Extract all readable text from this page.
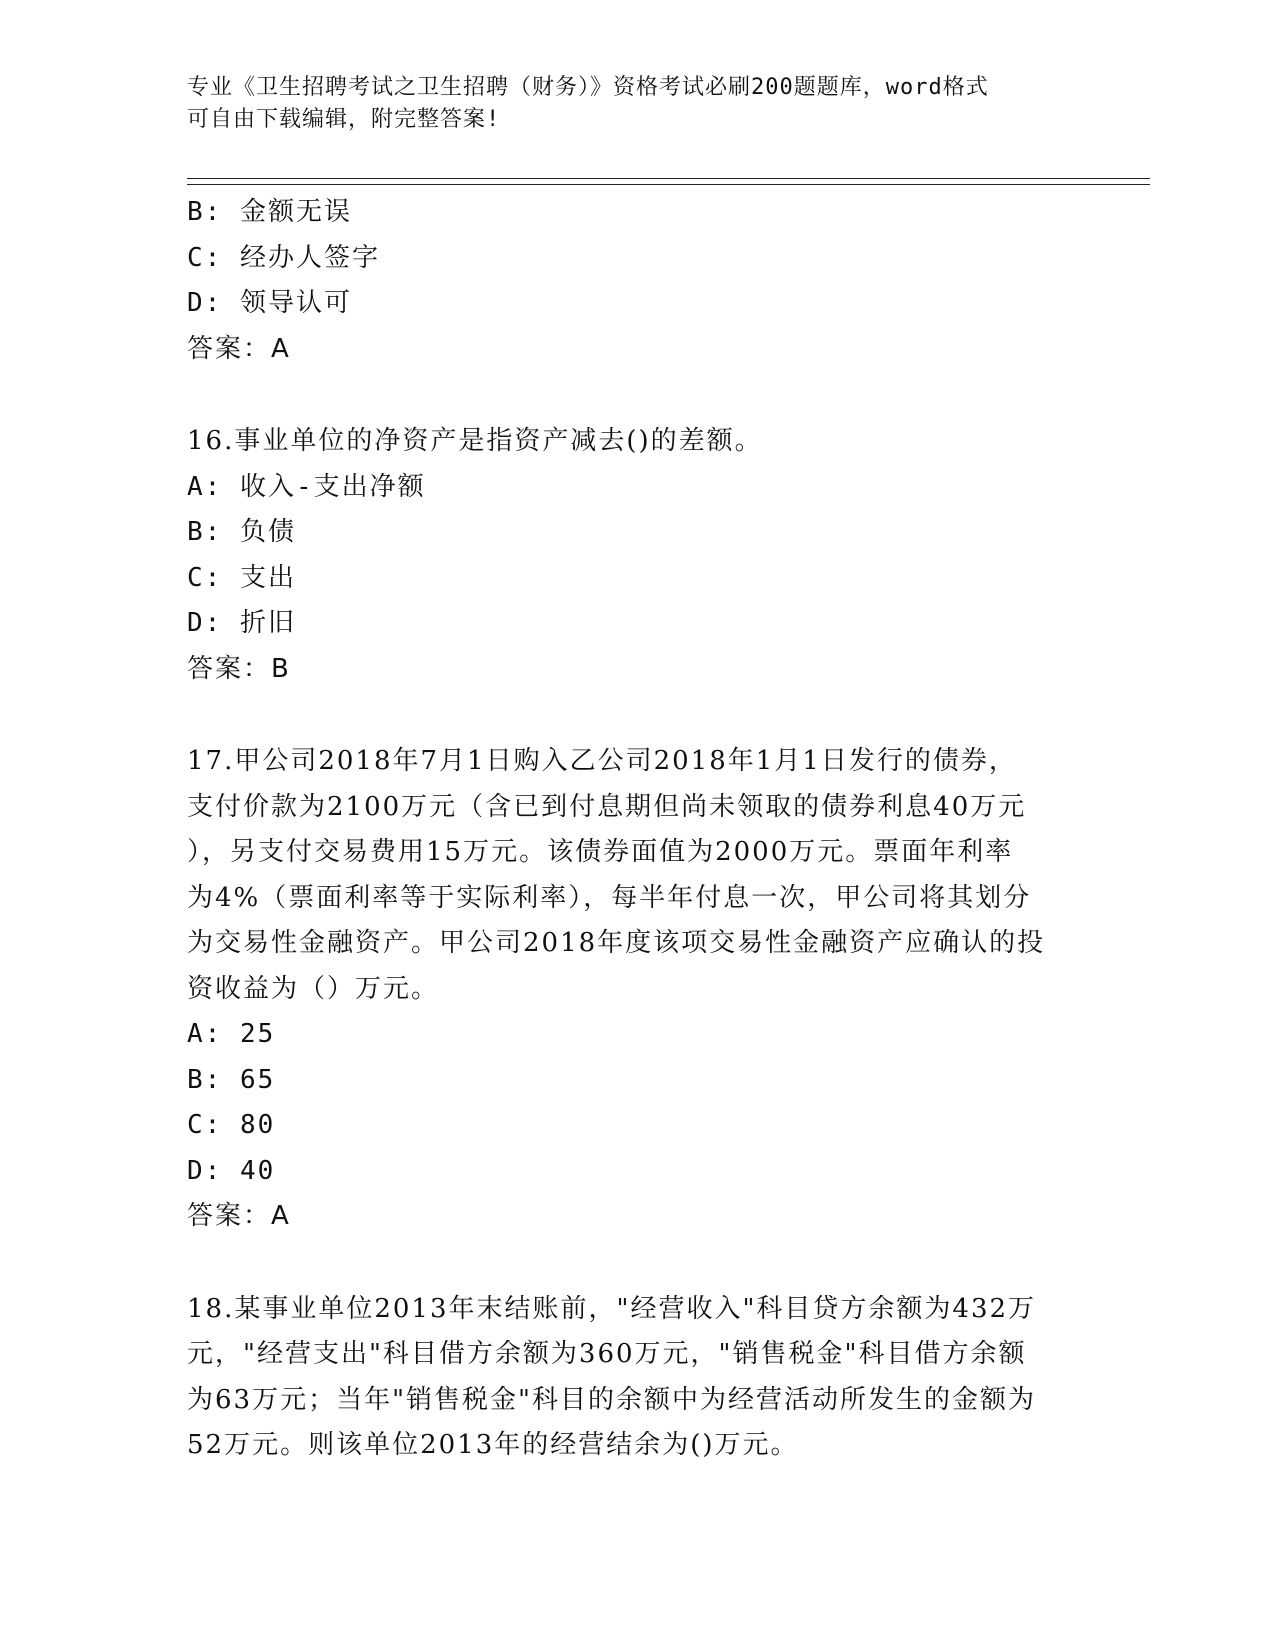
专业《卫生招聘考试之卫生招聘（财务）》资格考试必刷200题题库，word格式
可自由下载编辑，附完整答案!
B: 金额无误
C: 经办人签字
D: 领导认可
答案：A
16.事业单位的净资产是指资产减去()的差额。
A: 收入-支出净额
B: 负债
C: 支出
D: 折旧
答案：B
17.甲公司2018年7月1日购入乙公司2018年1月1日发行的债券，
支付价款为2100万元（含已到付息期但尚未领取的债券利息40万元
），另支付交易费用15万元。该债券面值为2000万元。票面年利率
为4%（票面利率等于实际利率），每半年付息一次，甲公司将其划分
为交易性金融资产。甲公司2018年度该项交易性金融资产应确认的投
资收益为（）万元。
A: 25
B: 65
C: 80
D: 40
答案：A
18.某事业单位2013年末结账前，"经营收入"科目贷方余额为432万
元，"经营支出"科目借方余额为360万元，"销售税金"科目借方余额
为63万元；当年"销售税金"科目的余额中为经营活动所发生的金额为
52万元。则该单位2013年的经营结余为()万元。
